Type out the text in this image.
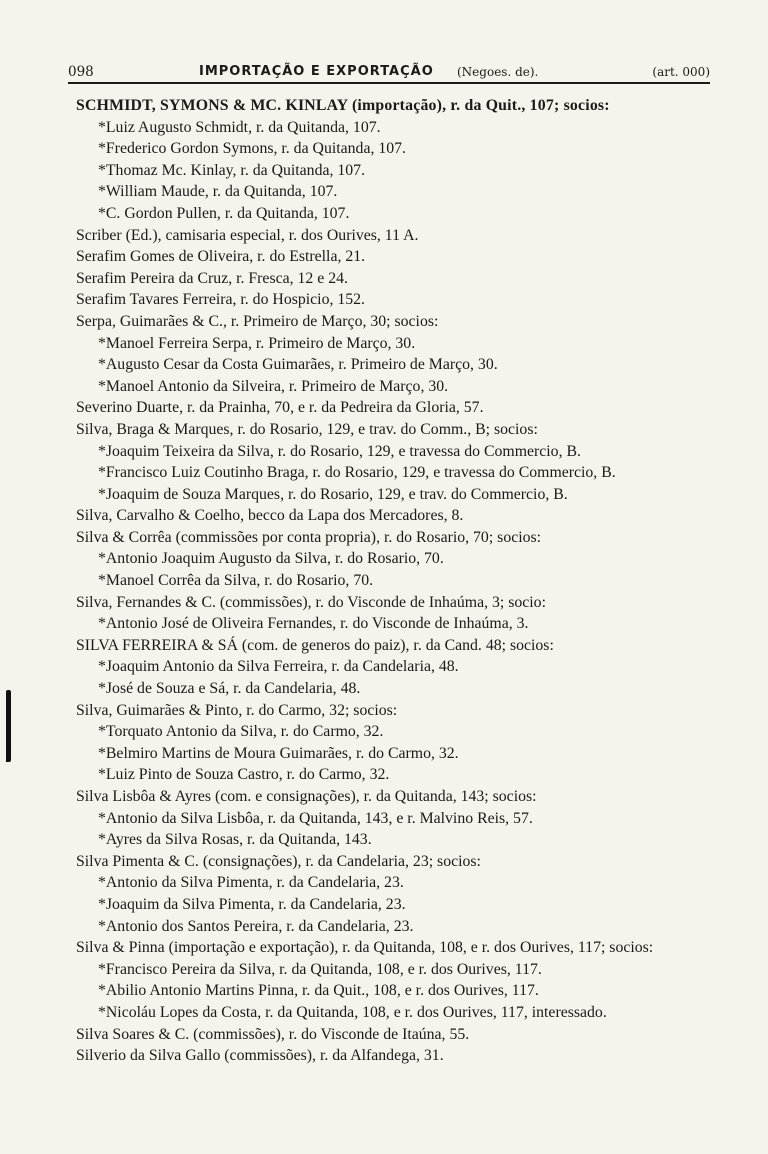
098	IMPORTAÇÃO E EXPORTAÇÃO (Negoes. de).	(art. 000)
SCHMIDT, SYMONS & MC. KINLAY (importação), r. da Quit., 107; socios:
*Luiz Augusto Schmidt, r. da Quitanda, 107.
*Frederico Gordon Symons, r. da Quitanda, 107.
*Thomaz Mc. Kinlay, r. da Quitanda, 107.
*William Maude, r. da Quitanda, 107.
*C. Gordon Pullen, r. da Quitanda, 107.
Scriber (Ed.), camisaria especial, r. dos Ourives, 11 A.
Serafim Gomes de Oliveira, r. do Estrella, 21.
Serafim Pereira da Cruz, r. Fresca, 12 e 24.
Serafim Tavares Ferreira, r. do Hospicio, 152.
Serpa, Guimarães & C., r. Primeiro de Março, 30; socios:
*Manoel Ferreira Serpa, r. Primeiro de Março, 30.
*Augusto Cesar da Costa Guimarães, r. Primeiro de Março, 30.
*Manoel Antonio da Silveira, r. Primeiro de Março, 30.
Severino Duarte, r. da Prainha, 70, e r. da Pedreira da Gloria, 57.
Silva, Braga & Marques, r. do Rosario, 129, e trav. do Comm., B; socios:
*Joaquim Teixeira da Silva, r. do Rosario, 129, e travessa do Commercio, B.
*Francisco Luiz Coutinho Braga, r. do Rosario, 129, e travessa do Commercio, B.
*Joaquim de Souza Marques, r. do Rosario, 129, e trav. do Commercio, B.
Silva, Carvalho & Coelho, becco da Lapa dos Mercadores, 8.
Silva & Corrêa (commissões por conta propria), r. do Rosario, 70; socios:
*Antonio Joaquim Augusto da Silva, r. do Rosario, 70.
*Manoel Corrêa da Silva, r. do Rosario, 70.
Silva, Fernandes & C. (commissões), r. do Visconde de Inhaúma, 3; socio:
*Antonio José de Oliveira Fernandes, r. do Visconde de Inhaúma, 3.
SILVA FERREIRA & SÁ (com. de generos do paiz), r. da Cand. 48; socios:
*Joaquim Antonio da Silva Ferreira, r. da Candelaria, 48.
*José de Souza e Sá, r. da Candelaria, 48.
Silva, Guimarães & Pinto, r. do Carmo, 32; socios:
*Torquato Antonio da Silva, r. do Carmo, 32.
*Belmiro Martins de Moura Guimarães, r. do Carmo, 32.
*Luiz Pinto de Souza Castro, r. do Carmo, 32.
Silva Lisbôa & Ayres (com. e consignações), r. da Quitanda, 143; socios:
*Antonio da Silva Lisbôa, r. da Quitanda, 143, e r. Malvino Reis, 57.
*Ayres da Silva Rosas, r. da Quitanda, 143.
Silva Pimenta & C. (consignações), r. da Candelaria, 23; socios:
*Antonio da Silva Pimenta, r. da Candelaria, 23.
*Joaquim da Silva Pimenta, r. da Candelaria, 23.
*Antonio dos Santos Pereira, r. da Candelaria, 23.
Silva & Pinna (importação e exportação), r. da Quitanda, 108, e r. dos Ourives, 117; socios:
*Francisco Pereira da Silva, r. da Quitanda, 108, e r. dos Ourives, 117.
*Abilio Antonio Martins Pinna, r. da Quit., 108, e r. dos Ourives, 117.
*Nicoláu Lopes da Costa, r. da Quitanda, 108, e r. dos Ourives, 117, interessado.
Silva Soares & C. (commissões), r. do Visconde de Itaúna, 55.
Silverio da Silva Gallo (commissões), r. da Alfandega, 31.
